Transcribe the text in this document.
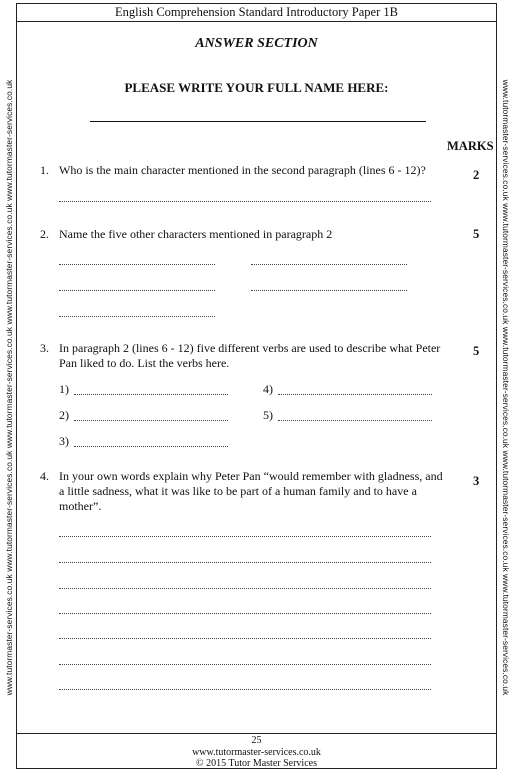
English Comprehension Standard Introductory Paper 1B
www.tutormaster-services.co.uk www.tutormaster-services.co.uk www.tutormaster-services.co.uk www.tutormaster-services.co.uk www.tutormaster-services.co.uk	www.tutormaster-services.co.uk www.tutormaster-services.co.uk www.tutormaster-services.co.uk www.tutormaster-services.co.uk www.tutormaster-services.co.uk
ANSWER SECTION
PLEASE WRITE YOUR FULL NAME HERE:
MARKS
1. Who is the main character mentioned in the second paragraph (lines 6 - 12)?	2
2. Name the five other characters mentioned in paragraph 2	5
3. In paragraph 2 (lines 6 - 12) five different verbs are used to describe what Peter Pan liked to do. List the verbs here.
5
1)	4)
2)	5)
3)
4. In your own words explain why Peter Pan “would remember with gladness, and a little sadness, what it was like to be part of a human family and to have a mother”.
3
25
www.tutormaster-services.co.uk
© 2015 Tutor Master Services
